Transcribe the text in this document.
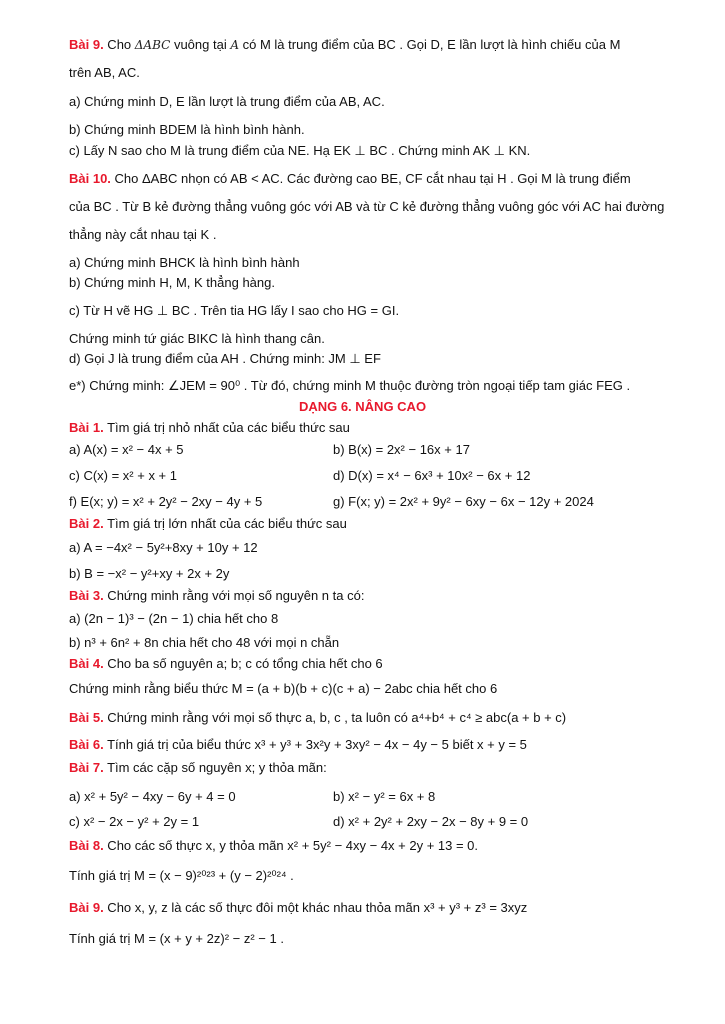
Bài 9. Cho ΔABC vuông tại A có M là trung điểm của BC . Gọi D, E lần lượt là hình chiếu của M
trên AB, AC.
a) Chứng minh D, E lần lượt là trung điểm của AB, AC.
b) Chứng minh BDEM là hình bình hành.
c) Lấy N sao cho M là trung điểm của NE. Hạ EK ⊥ BC . Chứng minh AK ⊥ KN.
Bài 10. Cho ΔABC nhọn có AB < AC. Các đường cao BE, CF cắt nhau tại H . Gọi M là trung điểm
của BC . Từ B kẻ đường thẳng vuông góc với AB và từ C kẻ đường thẳng vuông góc với AC hai đường
thẳng này cắt nhau tại K .
a) Chứng minh BHCK là hình bình hành
b) Chứng minh H, M, K thẳng hàng.
c) Từ H vẽ HG ⊥ BC . Trên tia HG lấy I sao cho HG = GI.
Chứng minh tứ giác BIKC là hình thang cân.
d) Gọi J là trung điểm của AH . Chứng minh: JM ⊥ EF
e*) Chứng minh: ∠JEM = 90⁰ . Từ đó, chứng minh M thuộc đường tròn ngoại tiếp tam giác FEG .
DẠNG 6. NÂNG CAO
Bài 1. Tìm giá trị nhỏ nhất của các biểu thức sau
a) A(x) = x² − 4x + 5	b) B(x) = 2x² − 16x + 17
c) C(x) = x² + x + 1	d) D(x) = x⁴ − 6x³ + 10x² − 6x + 12
f) E(x; y) = x² + 2y² − 2xy − 4y + 5	g) F(x; y) = 2x² + 9y² − 6xy − 6x − 12y + 2024
Bài 2. Tìm giá trị lớn nhất của các biểu thức sau
a) A = −4x² − 5y²+8xy + 10y + 12
b) B = −x² − y²+xy + 2x + 2y
Bài 3. Chứng minh rằng với mọi số nguyên n ta có:
a) (2n − 1)³ − (2n − 1) chia hết cho 8
b) n³ + 6n² + 8n chia hết cho 48 với mọi n chẵn
Bài 4. Cho ba số nguyên a; b; c có tổng chia hết cho 6
Chứng minh rằng biểu thức M = (a + b)(b + c)(c + a) − 2abc chia hết cho 6
Bài 5. Chứng minh rằng với mọi số thực a, b, c , ta luôn có a⁴+b⁴ + c⁴ ≥ abc(a + b + c)
Bài 6. Tính giá trị của biểu thức x³ + y³ + 3x²y + 3xy² − 4x − 4y − 5 biết x + y = 5
Bài 7. Tìm các cặp số nguyên x; y thỏa mãn:
a) x² + 5y² − 4xy − 6y + 4 = 0	b) x² − y² = 6x + 8
c) x² − 2x − y² + 2y = 1	d) x² + 2y² + 2xy − 2x − 8y + 9 = 0
Bài 8. Cho các số thực x, y thỏa mãn x² + 5y² − 4xy − 4x + 2y + 13 = 0.
Tính giá trị M = (x − 9)²⁰²³ + (y − 2)²⁰²⁴ .
Bài 9. Cho x, y, z là các số thực đôi một khác nhau thỏa mãn x³ + y³ + z³ = 3xyz
Tính giá trị M = (x + y + 2z)² − z² − 1 .
